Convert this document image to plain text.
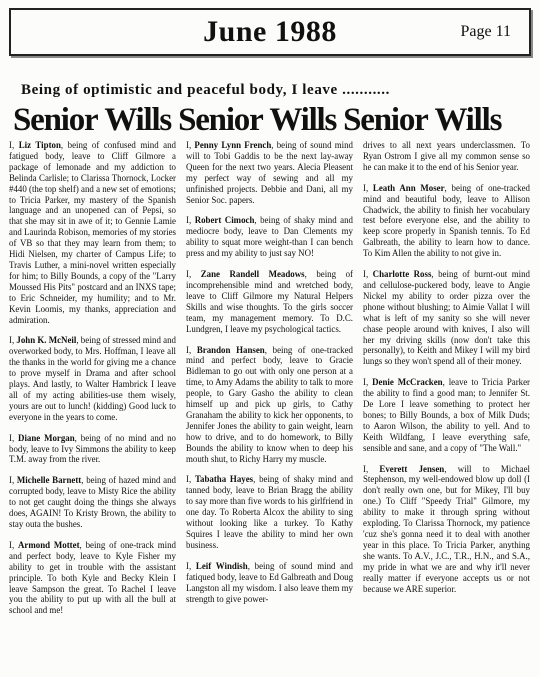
June 1988	Page 11
Being of optimistic and peaceful body, I leave ...........
Senior Wills Senior Wills Senior Wills

I, Liz Tipton, being of confused mind and fatigued body, leave to Cliff Gilmore a package of lemonade and my addiction to Belinda Carlisle; to Clarissa Thornock, Locker #440 (the top shelf) and a new set of emotions; to Tricia Parker, my mastery of the Spanish language and an unopened can of Pepsi, so that she may sit in awe of it; to Gennie Lamie and Laurinda Robison, memories of my stories of VB so that they may learn from them; to Hidi Nielsen, my charter of Campus Life; to Travis Luther, a mini-novel written especially for him; to Billy Bounds, a copy of the "Larry Moussed His Pits" postcard and an INXS tape; to Eric Schneider, my humility; and to Mr. Kevin Loomis, my thanks, appreciation and admiration.

I, John K. McNeil, being of stressed mind and overworked body, to Mrs. Hoffman, I leave all the thanks in the world for giving me a chance to prove myself in Drama and after school plays. And lastly, to Walter Hambrick I leave all of my acting abilities-use them wisely, yours are out to lunch! (kidding) Good luck to everyone in the years to come.

I, Diane Morgan, being of no mind and no body, leave to Ivy Simmons the ability to keep T.M. away from the river.

I, Michelle Barnett, being of hazed mind and corrupted body, leave to Misty Rice the ability to not get caught doing the things she always does, AGAIN! To Kristy Brown, the ability to stay outa the bushes.

I, Armond Mottet, being of one-track mind and perfect body, leave to Kyle Fisher my ability to get in trouble with the assistant principle. To both Kyle and Becky Klein I leave Sampson the great. To Rachel I leave you the ability to put up with all the bull at school and me!

I, Penny Lynn French, being of sound mind will to Tobi Gaddis to be the next lay-away Queen for the next two years. Alecia Pleasent my perfect way of sewing and all my unfinished projects. Debbie and Dani, all my Senior Soc. papers.

I, Robert Cimoch, being of shaky mind and mediocre body, leave to Dan Clements my ability to squat more weight-than I can bench press and my ability to just say NO!

I, Zane Randell Meadows, being of incomprehensible mind and wretched body, leave to Cliff Gilmore my Natural Helpers Skills and wise thoughts. To the girls soccer team, my management memory. To D.C. Lundgren, I leave my psychological tactics.

I, Brandon Hansen, being of one-tracked mind and perfect body, leave to Gracie Bidleman to go out with only one person at a time, to Amy Adams the ability to talk to more people, to Gary Gasho the ability to clean himself up and pick up girls, to Cathy Granaham the ability to kick her opponents, to Jennifer Jones the ability to gain weight, learn how to drive, and to do homework, to Billy Bounds the ability to know when to deep his mouth shut, to Richy Harry my muscle.

I, Tabatha Hayes, being of shaky mind and tanned body, leave to Brian Bragg the ability to say more than five words to his girlfriend in one day. To Roberta Alcox the ability to sing without looking like a turkey. To Kathy Squires I leave the ability to mind her own business.

I, Leif Windish, being of sound mind and fatiqued body, leave to Ed Galbreath and Doug Langston all my wisdom. I also leave them my strength to give power-

drives to all next years underclassmen. To Ryan Ostrom I give all my common sense so he can make it to the end of his Senior year.

I, Leath Ann Moser, being of one-tracked mind and beautiful body, leave to Allison Chadwick, the ability to finish her vocabulary test before everyone else, and the ability to keep score properly in Spanish tennis. To Ed Galbreath, the ability to learn how to dance. To Kim Allen the ability to not give in.

I, Charlotte Ross, being of burnt-out mind and cellulose-puckered body, leave to Angie Nickel my ability to order pizza over the phone without blushing; to Aimie Vallat I will what is left of my sanity so she will never chase people around with knives, I also will her my driving skills (now don't take this personally), to Keith and Mikey I will my bird lungs so they won't spend all of their money.

I, Denie McCracken, leave to Tricia Parker the ability to find a good man; to Jennifer St. De Lore I leave something to protect her bones; to Billy Bounds, a box of Milk Duds; to Aaron Wilson, the ability to yell. And to Keith Wildfang, I leave everything safe, sensible and sane, and a copy of "The Wall."

I, Everett Jensen, will to Michael Stephenson, my well-endowed blow up doll (I don't really own one, but for Mikey, I'll buy one.) To Cliff "Speedy Trial" Gilmore, my ability to make it through spring without exploding. To Clarissa Thornock, my patience 'cuz she's gonna need it to deal with another year in this place. To Tricia Parker, anything she wants. To A.V., J.C., T.R., H.N., and S.A., my pride in what we are and why it'll never really matter if everyone accepts us or not because we ARE superior.
